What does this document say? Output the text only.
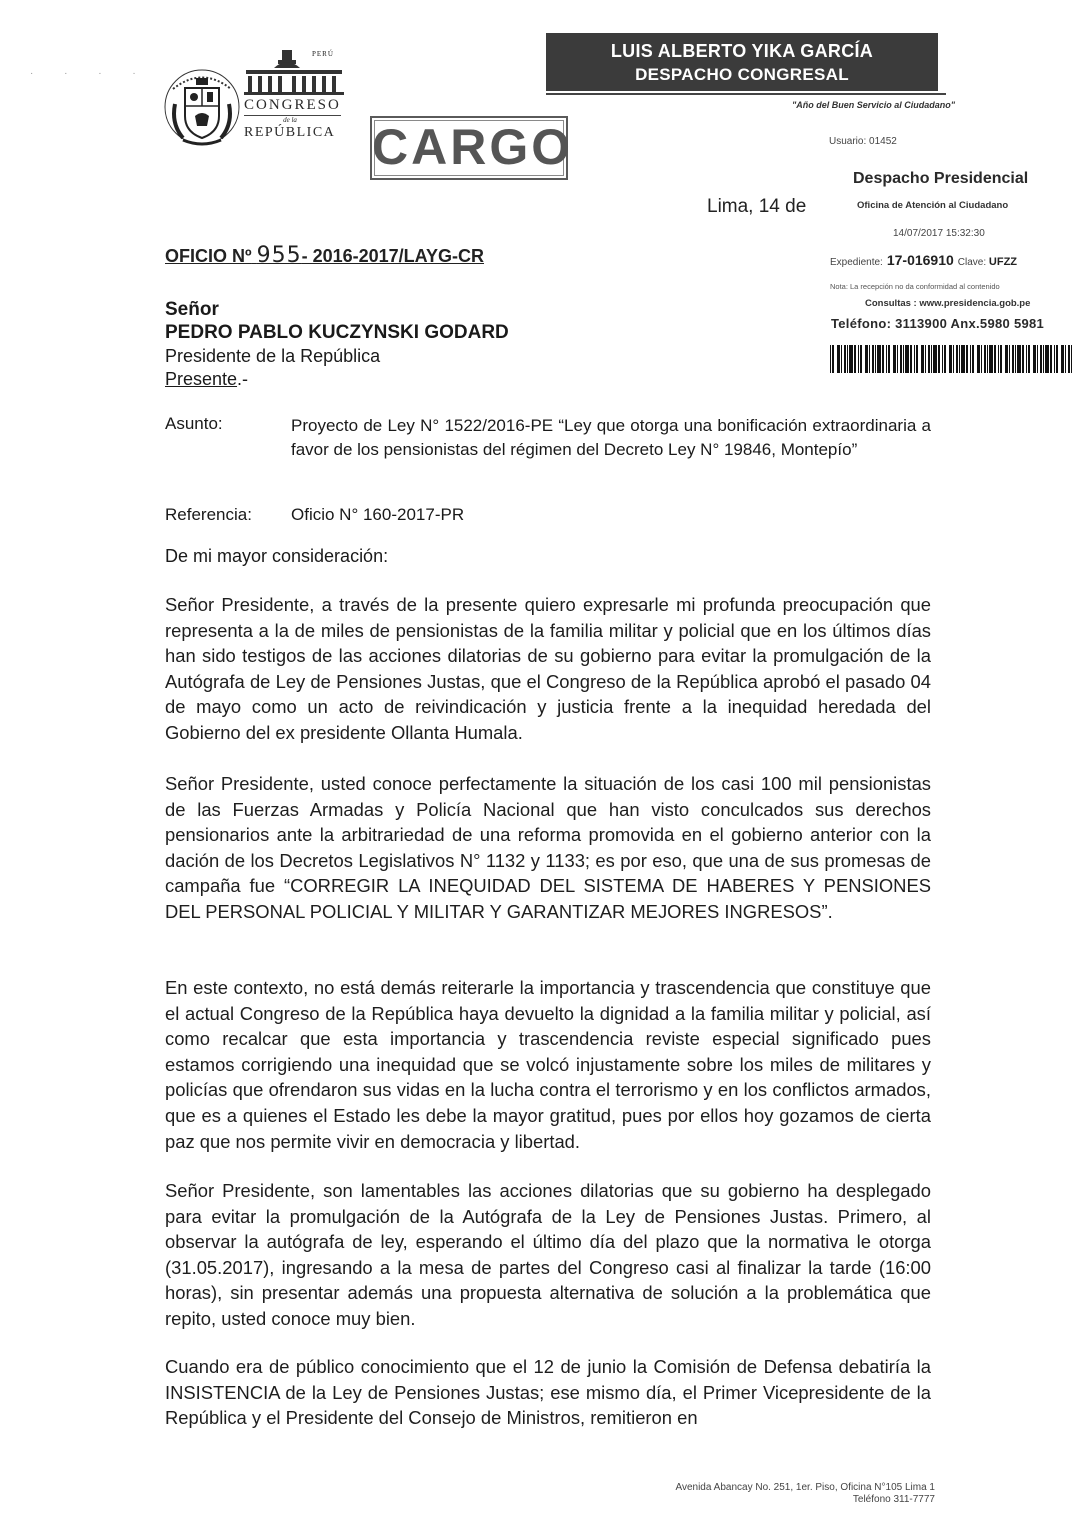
· · · ·
PERÚ
CONGRESO
de la
REPÚBLICA
LUIS ALBERTO YIKA GARCÍA
DESPACHO CONGRESAL
"Año del Buen Servicio al Ciudadano"
CARGO	Usuario: 01452
Despacho Presidencial
Oficina de Atención al Ciudadano
14/07/2017 15:32:30
Expediente: 17-016910 Clave: UFZZ
Nota: La recepción no da conformidad al contenido
Consultas : www.presidencia.gob.pe
Teléfono: 3113900 Anx.5980 5981
Lima, 14 de
OFICIO Nº 955- 2016-2017/LAYG-CR
Señor
PEDRO PABLO KUCZYNSKI GODARD
Presidente de la República
Presente.-
Asunto:	Proyecto de Ley N° 1522/2016-PE “Ley que otorga una bonificación extraordinaria a favor de los pensionistas del régimen del Decreto Ley N° 19846, Montepío”
Referencia: Oficio N° 160-2017-PR
De mi mayor consideración:
Señor Presidente, a través de la presente quiero expresarle mi profunda preocupación que representa a la de miles de pensionistas de la familia militar y policial que en los últimos días han sido testigos de las acciones dilatorias de su gobierno para evitar la promulgación de la Autógrafa de Ley de Pensiones Justas, que el Congreso de la República aprobó el pasado 04 de mayo como un acto de reivindicación y justicia frente a la inequidad heredada del Gobierno del ex presidente Ollanta Humala.
Señor Presidente, usted conoce perfectamente la situación de los casi 100 mil pensionistas de las Fuerzas Armadas y Policía Nacional que han visto conculcados sus derechos pensionarios ante la arbitrariedad de una reforma promovida en el gobierno anterior con la dación de los Decretos Legislativos N° 1132 y 1133; es por eso, que una de sus promesas de campaña fue “CORREGIR LA INEQUIDAD DEL SISTEMA DE HABERES Y PENSIONES DEL PERSONAL POLICIAL Y MILITAR Y GARANTIZAR MEJORES INGRESOS”.
En este contexto, no está demás reiterarle la importancia y trascendencia que constituye que el actual Congreso de la República haya devuelto la dignidad a la familia militar y policial, así como recalcar que esta importancia y trascendencia reviste especial significado pues estamos corrigiendo una inequidad que se volcó injustamente sobre los miles de militares y policías que ofrendaron sus vidas en la lucha contra el terrorismo y en los conflictos armados, que es a quienes el Estado les debe la mayor gratitud, pues por ellos hoy gozamos de cierta paz que nos permite vivir en democracia y libertad.
Señor Presidente, son lamentables las acciones dilatorias que su gobierno ha desplegado para evitar la promulgación de la Autógrafa de la Ley de Pensiones Justas. Primero, al observar la autógrafa de ley, esperando el último día del plazo que la normativa le otorga (31.05.2017), ingresando a la mesa de partes del Congreso casi al finalizar la tarde (16:00 horas), sin presentar además una propuesta alternativa de solución a la problemática que repito, usted conoce muy bien.
Cuando era de público conocimiento que el 12 de junio la Comisión de Defensa debatiría la INSISTENCIA de la Ley de Pensiones Justas; ese mismo día, el Primer Vicepresidente de la República y el Presidente del Consejo de Ministros, remitieron en
Avenida Abancay No. 251, 1er. Piso, Oficina N°105 Lima 1
Teléfono 311-7777
